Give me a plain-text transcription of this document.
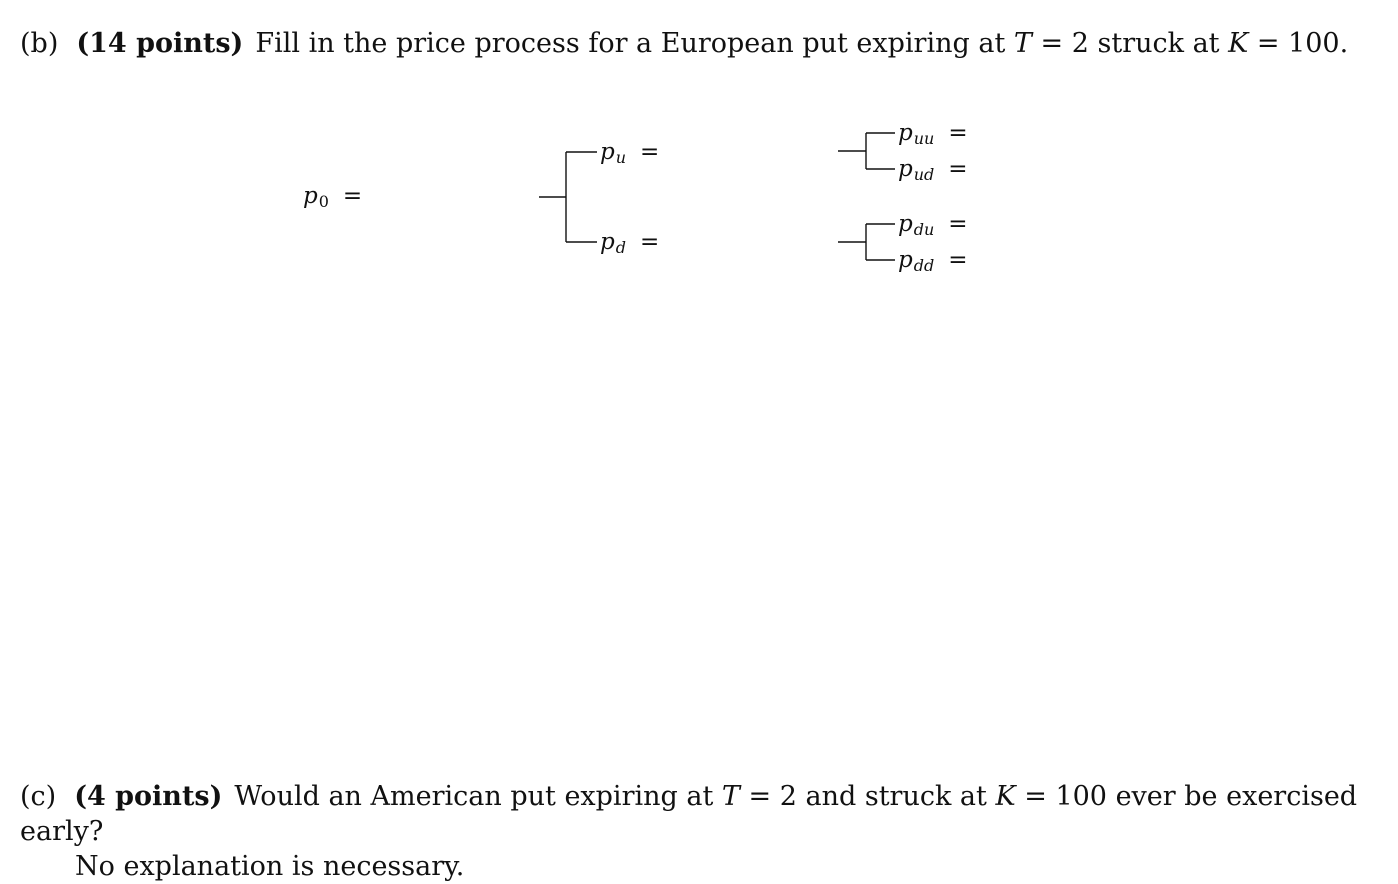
(b) (14 points) Fill in the price process for a European put expiring at T = 2 struck at K = 100.
$p_0$ =
$p_u$ =
$p_d$ =
$p_{uu}$ =
$p_{ud}$ =
$p_{du}$ =
$p_{dd}$ =
(c) (4 points) Would an American put expiring at T = 2 and struck at K = 100 ever be exercised early?
No explanation is necessary.
